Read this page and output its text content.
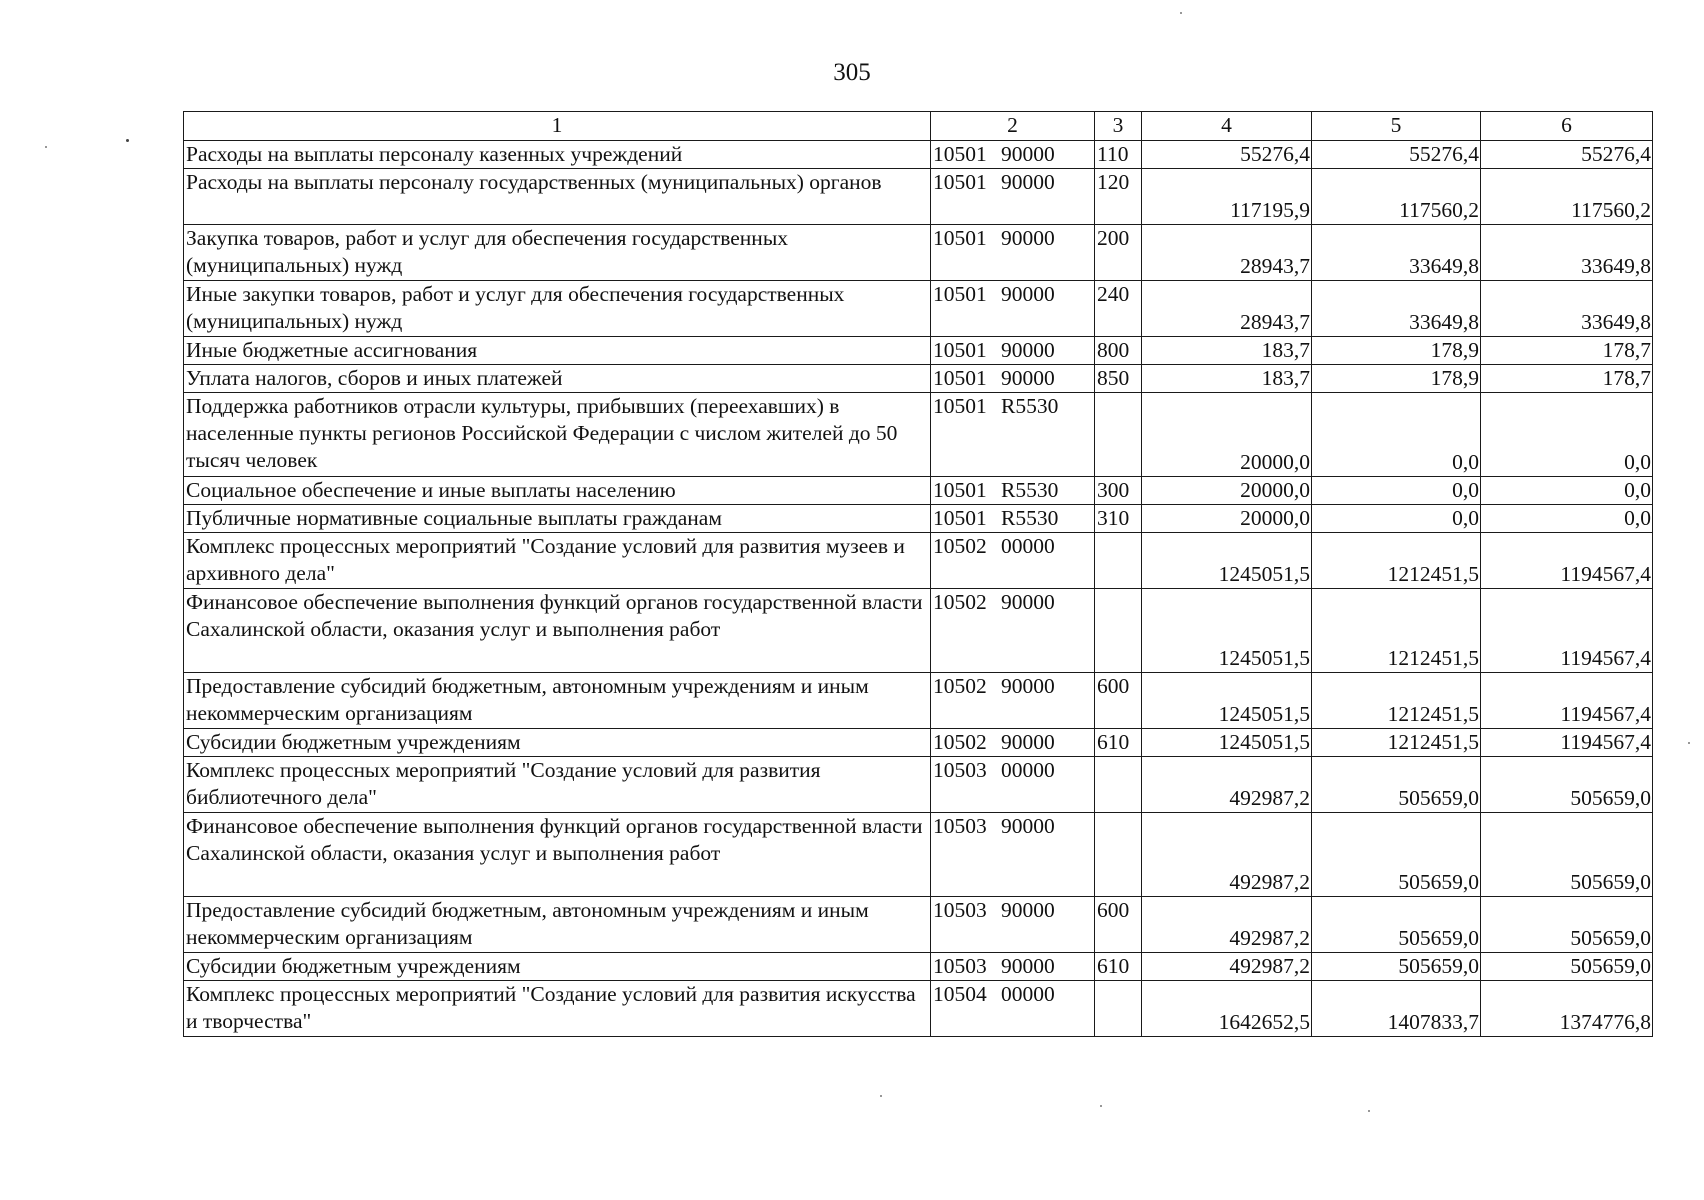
305
1	2	3	4	5	6
Расходы на выплаты персоналу казенных учреждений	10501 90000	110	55276,4	55276,4	55276,4
Расходы на выплаты персоналу государственных (муниципальных) органов	10501 90000	120	117195,9	117560,2	117560,2
Закупка товаров, работ и услуг для обеспечения государственных (муниципальных) нужд	10501 90000	200	28943,7	33649,8	33649,8
Иные закупки товаров, работ и услуг для обеспечения государственных (муниципальных) нужд	10501 90000	240	28943,7	33649,8	33649,8
Иные бюджетные ассигнования	10501 90000	800	183,7	178,9	178,7
Уплата налогов, сборов и иных платежей	10501 90000	850	183,7	178,9	178,7
Поддержка работников отрасли культуры, прибывших (переехавших) в населенные пункты регионов Российской Федерации с числом жителей до 50 тысяч человек	10501 R5530		20000,0	0,0	0,0
Социальное обеспечение и иные выплаты населению	10501 R5530	300	20000,0	0,0	0,0
Публичные нормативные социальные выплаты гражданам	10501 R5530	310	20000,0	0,0	0,0
Комплекс процессных мероприятий "Создание условий для развития музеев и архивного дела"	10502 00000		1245051,5	1212451,5	1194567,4
Финансовое обеспечение выполнения функций органов государственной власти Сахалинской области, оказания услуг и выполнения работ	10502 90000		1245051,5	1212451,5	1194567,4
Предоставление субсидий бюджетным, автономным учреждениям и иным некоммерческим организациям	10502 90000	600	1245051,5	1212451,5	1194567,4
Субсидии бюджетным учреждениям	10502 90000	610	1245051,5	1212451,5	1194567,4
Комплекс процессных мероприятий "Создание условий для развития библиотечного дела"	10503 00000		492987,2	505659,0	505659,0
Финансовое обеспечение выполнения функций органов государственной власти Сахалинской области, оказания услуг и выполнения работ	10503 90000		492987,2	505659,0	505659,0
Предоставление субсидий бюджетным, автономным учреждениям и иным некоммерческим организациям	10503 90000	600	492987,2	505659,0	505659,0
Субсидии бюджетным учреждениям	10503 90000	610	492987,2	505659,0	505659,0
Комплекс процессных мероприятий "Создание условий для развития искусства и творчества"	10504 00000		1642652,5	1407833,7	1374776,8
